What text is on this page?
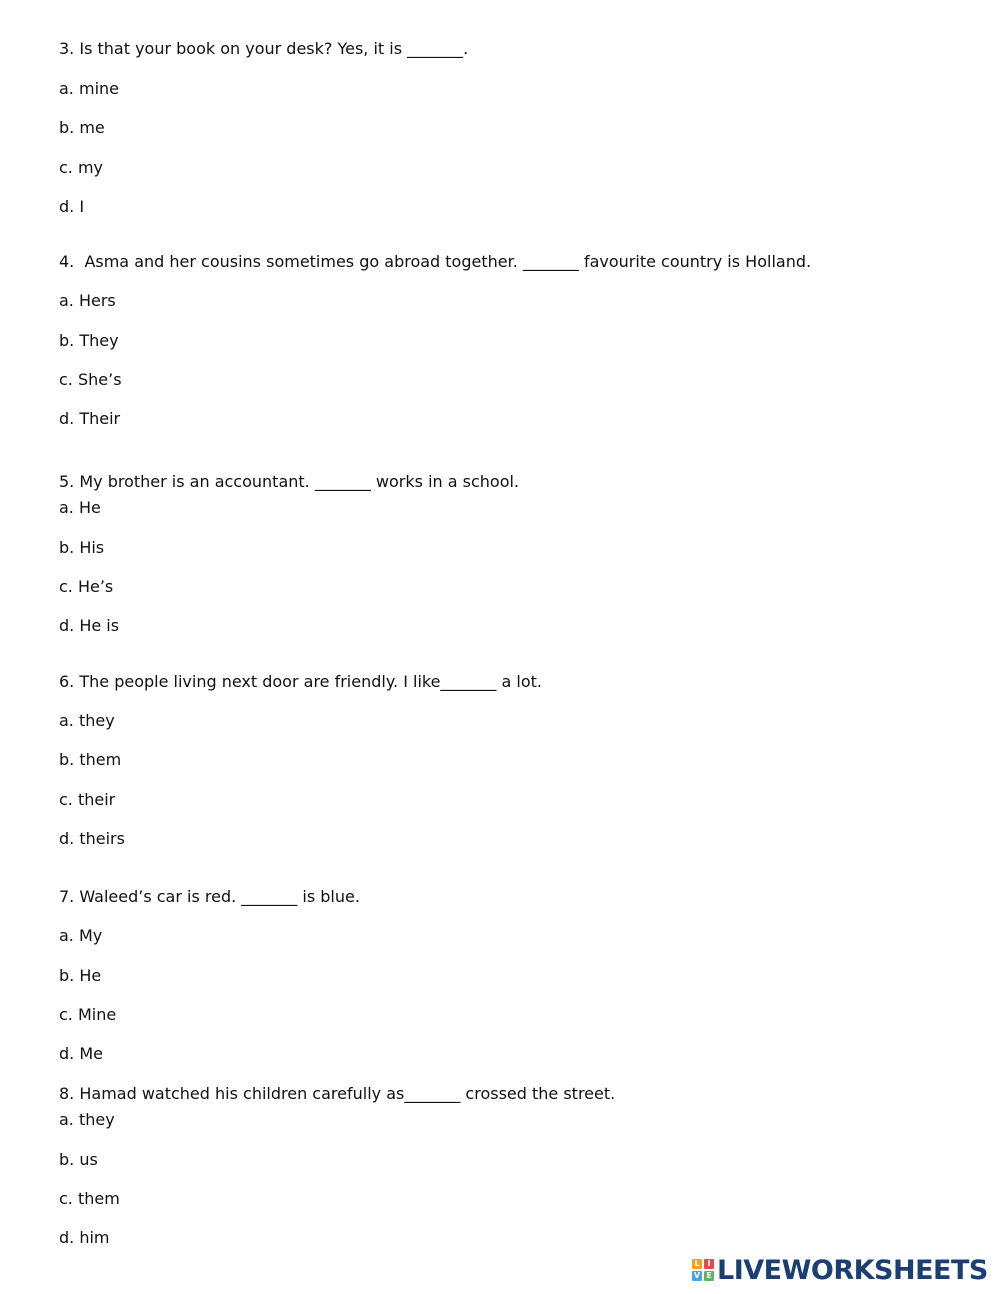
3. Is that your book on your desk? Yes, it is _______.
a. mine
b. me
c. my
d. I
4.  Asma and her cousins sometimes go abroad together. _______ favourite country is Holland.
a. Hers
b. They
c. She’s
d. Their
5. My brother is an accountant. _______ works in a school.
a. He
b. His
c. He’s
d. He is
6. The people living next door are friendly. I like_______ a lot.
a. they
b. them
c. their
d. theirs
7. Waleed’s car is red. _______ is blue.
a. My
b. He
c. Mine
d. Me
8. Hamad watched his children carefully as_______ crossed the street.
a. they
b. us
c. them
d. him
L I
V E LIVEWORKSHEETS
